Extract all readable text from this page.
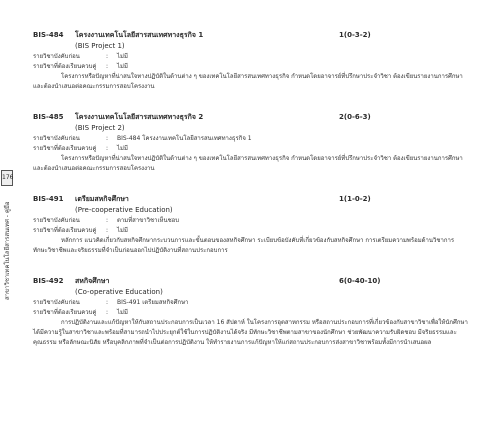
176
สาขาวิชาเทคโนโลยีสารสนเทศ - คู่มือ
BIS-484 โครงงานเทคโนโลยีสารสนเทศทางธุรกิจ 1	1(0-3-2)
(BIS Project 1)
รายวิชาบังคับก่อน	: ไม่มี
รายวิชาที่ต้องเรียนควบคู่ : ไม่มี

โครงการหรือปัญหาที่น่าสนใจทางปฏิบัติในด้านต่าง ๆ ของเทคโนโลยีสารสนเทศทางธุรกิจ กำหนดโดยอาจารย์ที่ปรึกษาประจำวิชา ต้องเขียนรายงานการศึกษาและต้องนำเสนอต่อคณะกรรมการสอบโครงงาน

BIS-485 โครงงานเทคโนโลยีสารสนเทศทางธุรกิจ 2	2(0-6-3)
(BIS Project 2)
รายวิชาบังคับก่อน	: BIS-484 โครงงานเทคโนโลยีสารสนเทศทางธุรกิจ 1
รายวิชาที่ต้องเรียนควบคู่ : ไม่มี

โครงการหรือปัญหาที่น่าสนใจทางปฏิบัติในด้านต่าง ๆ ของเทคโนโลยีสารสนเทศทางธุรกิจ กำหนดโดยอาจารย์ที่ปรึกษาประจำวิชา ต้องเขียนรายงานการศึกษาและต้องนำเสนอต่อคณะกรรมการสอบโครงงาน

BIS-491 เตรียมสหกิจศึกษา	1(1-0-2)
(Pre-cooperative Education)
รายวิชาบังคับก่อน	: ตามที่สาขาวิชาเห็นชอบ
รายวิชาที่ต้องเรียนควบคู่ : ไม่มี

หลักการ แนวคิดเกี่ยวกับสหกิจศึกษากระบวนการและขั้นตอนของสหกิจศึกษา ระเบียบข้อบังคับที่เกี่ยวข้องกับสหกิจศึกษา การเตรียมความพร้อมด้านวิชาการ ทักษะวิชาชีพและจริยธรรมที่จำเป็นก่อนออกไปปฏิบัติงานที่สถานประกอบการ

BIS-492 สหกิจศึกษา	6(0-40-10)
(Co-operative Education)
รายวิชาบังคับก่อน	: BIS-491 เตรียมสหกิจศึกษา
รายวิชาที่ต้องเรียนควบคู่ : ไม่มี

การปฏิบัติงานและแก้ปัญหาให้กับสถานประกอบการเป็นเวลา 16 สัปดาห์ ในโครงการอุตสาหกรรม หรือสถานประกอบการที่เกี่ยวข้องกับสาขาวิชาเพื่อให้นักศึกษาได้มีความรู้ในสาขาวิชาและพร้อมที่สามารถนำไปประยุกต์ใช้ในการปฏิบัติงานได้จริง มีทักษะวิชาชีพตามสาขาของนักศึกษา ช่วยพัฒนาความรับผิดชอบ มีจริยธรรมและคุณธรรม หรือลักษณะนิสัย หรือบุคลิกภาพที่จำเป็นต่อการปฏิบัติงาน ให้ทำรายงานการแก้ปัญหาให้แก่สถานประกอบการส่งสาขาวิชาพร้อมทั้งมีการนำเสนอผล
